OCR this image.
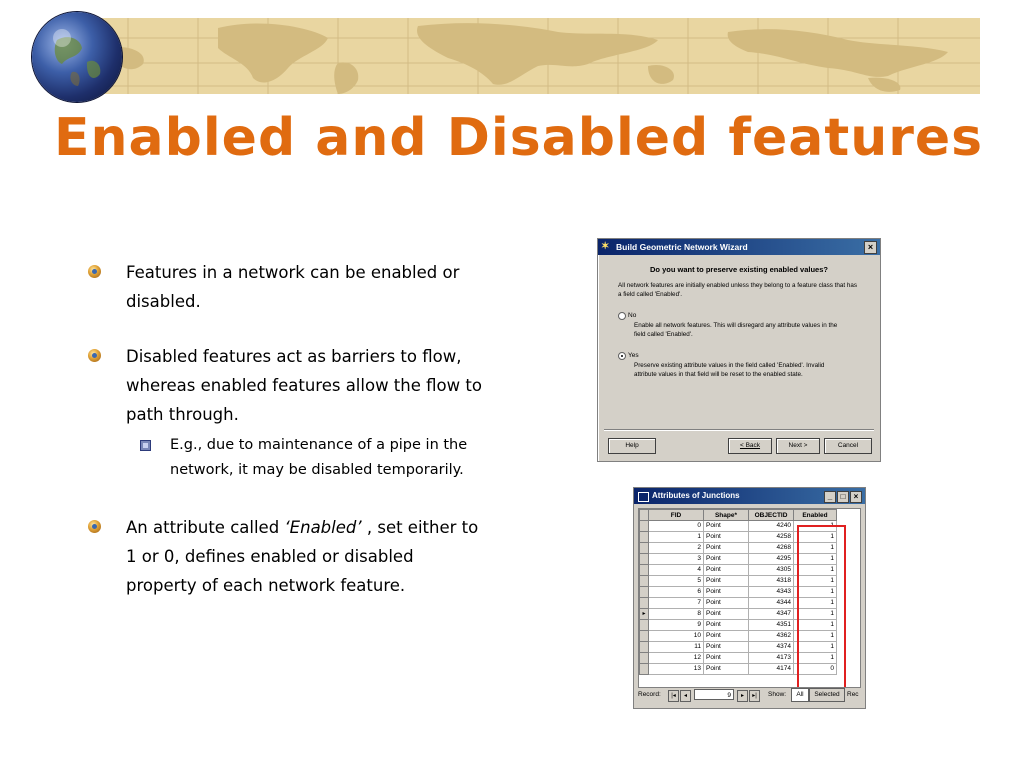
Enabled and Disabled features
Features in a network can be enabled or disabled.
Disabled features act as barriers to flow, whereas enabled features allow the flow to path through.
E.g., due to maintenance of a pipe in the network, it may be disabled temporarily.
An attribute called ‘Enabled’ , set either to 1 or 0, defines enabled or disabled property of each network feature.
✶ Build Geometric Network Wizard	×
Do you want to preserve existing enabled values?
All network features are initially enabled unless they belong to a feature class that has a field called 'Enabled'.
No
Enable all network features. This will disregard any attribute values in the field called 'Enabled'.
Yes
Preserve existing attribute values in the field called 'Enabled'. Invalid attribute values in that field will be reset to the enabled state.
Help	< Back	Next >	Cancel
Attributes of Junctions	_	□	×
	FID	Shape*	OBJECTID	Enabled
	0	Point	4240	1
	1	Point	4258	1
	2	Point	4268	1
	3	Point	4295	1
	4	Point	4305	1
	5	Point	4318	1
	6	Point	4343	1
	7	Point	4344	1
▸	8	Point	4347	1
	9	Point	4351	1
	10	Point	4362	1
	11	Point	4374	1
	12	Point	4173	1
	13	Point	4174	0
Record:	|◂	◂	9	▸	▸|	Show:	All	Selected	Rec
